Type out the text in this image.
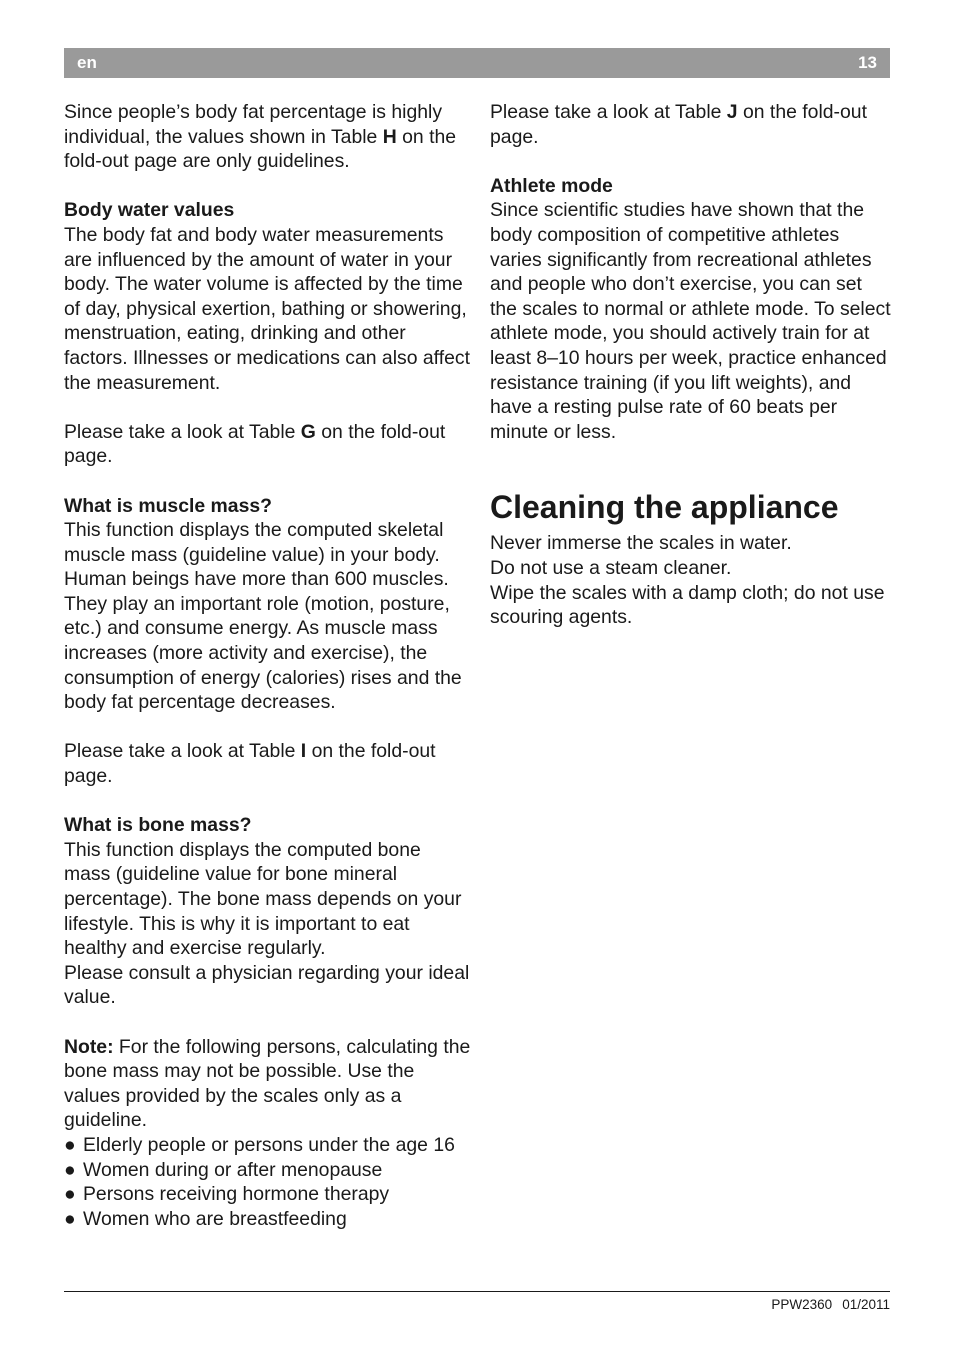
en	13

Since people’s body fat percentage is highly individual, the values shown in Table H on the fold-out page are only guidelines.

Body water values

The body fat and body water measurements are influenced by the amount of water in your body. The water volume is affected by the time of day, physical exertion, bathing or showering, menstruation, eating, drinking and other factors. Illnesses or medications can also affect the measurement.

Please take a look at Table G on the fold-out page.

What is muscle mass?

This function displays the computed skeletal muscle mass (guideline value) in your body. Human beings have more than 600 muscles. They play an important role (motion, posture, etc.) and consume energy. As muscle mass increases (more activity and exercise), the consumption of energy (calories) rises and the body fat percentage decreases.

Please take a look at Table I on the fold-out page.

What is bone mass?

This function displays the computed bone mass (guideline value for bone mineral percentage). The bone mass depends on your lifestyle. This is why it is important to eat healthy and exercise regularly.

Please consult a physician regarding your ideal value.

Note: For the following persons, calculating the bone mass may not be possible. Use the values provided by the scales only as a guideline.

● Elderly people or persons under the age 16
● Women during or after menopause
● Persons receiving hormone therapy
● Women who are breastfeeding

Please take a look at Table J on the fold-out page.

Athlete mode

Since scientific studies have shown that the body composition of competitive athletes varies significantly from recreational athletes and people who don’t exercise, you can set the scales to normal or athlete mode. To select athlete mode, you should actively train for at least 8–10 hours per week, practice enhanced resistance training (if you lift weights), and have a resting pulse rate of 60 beats per minute or less.

Cleaning the appliance

Never immerse the scales in water.

Do not use a steam cleaner.

Wipe the scales with a damp cloth; do not use scouring agents.

PPW2360 01/2011
